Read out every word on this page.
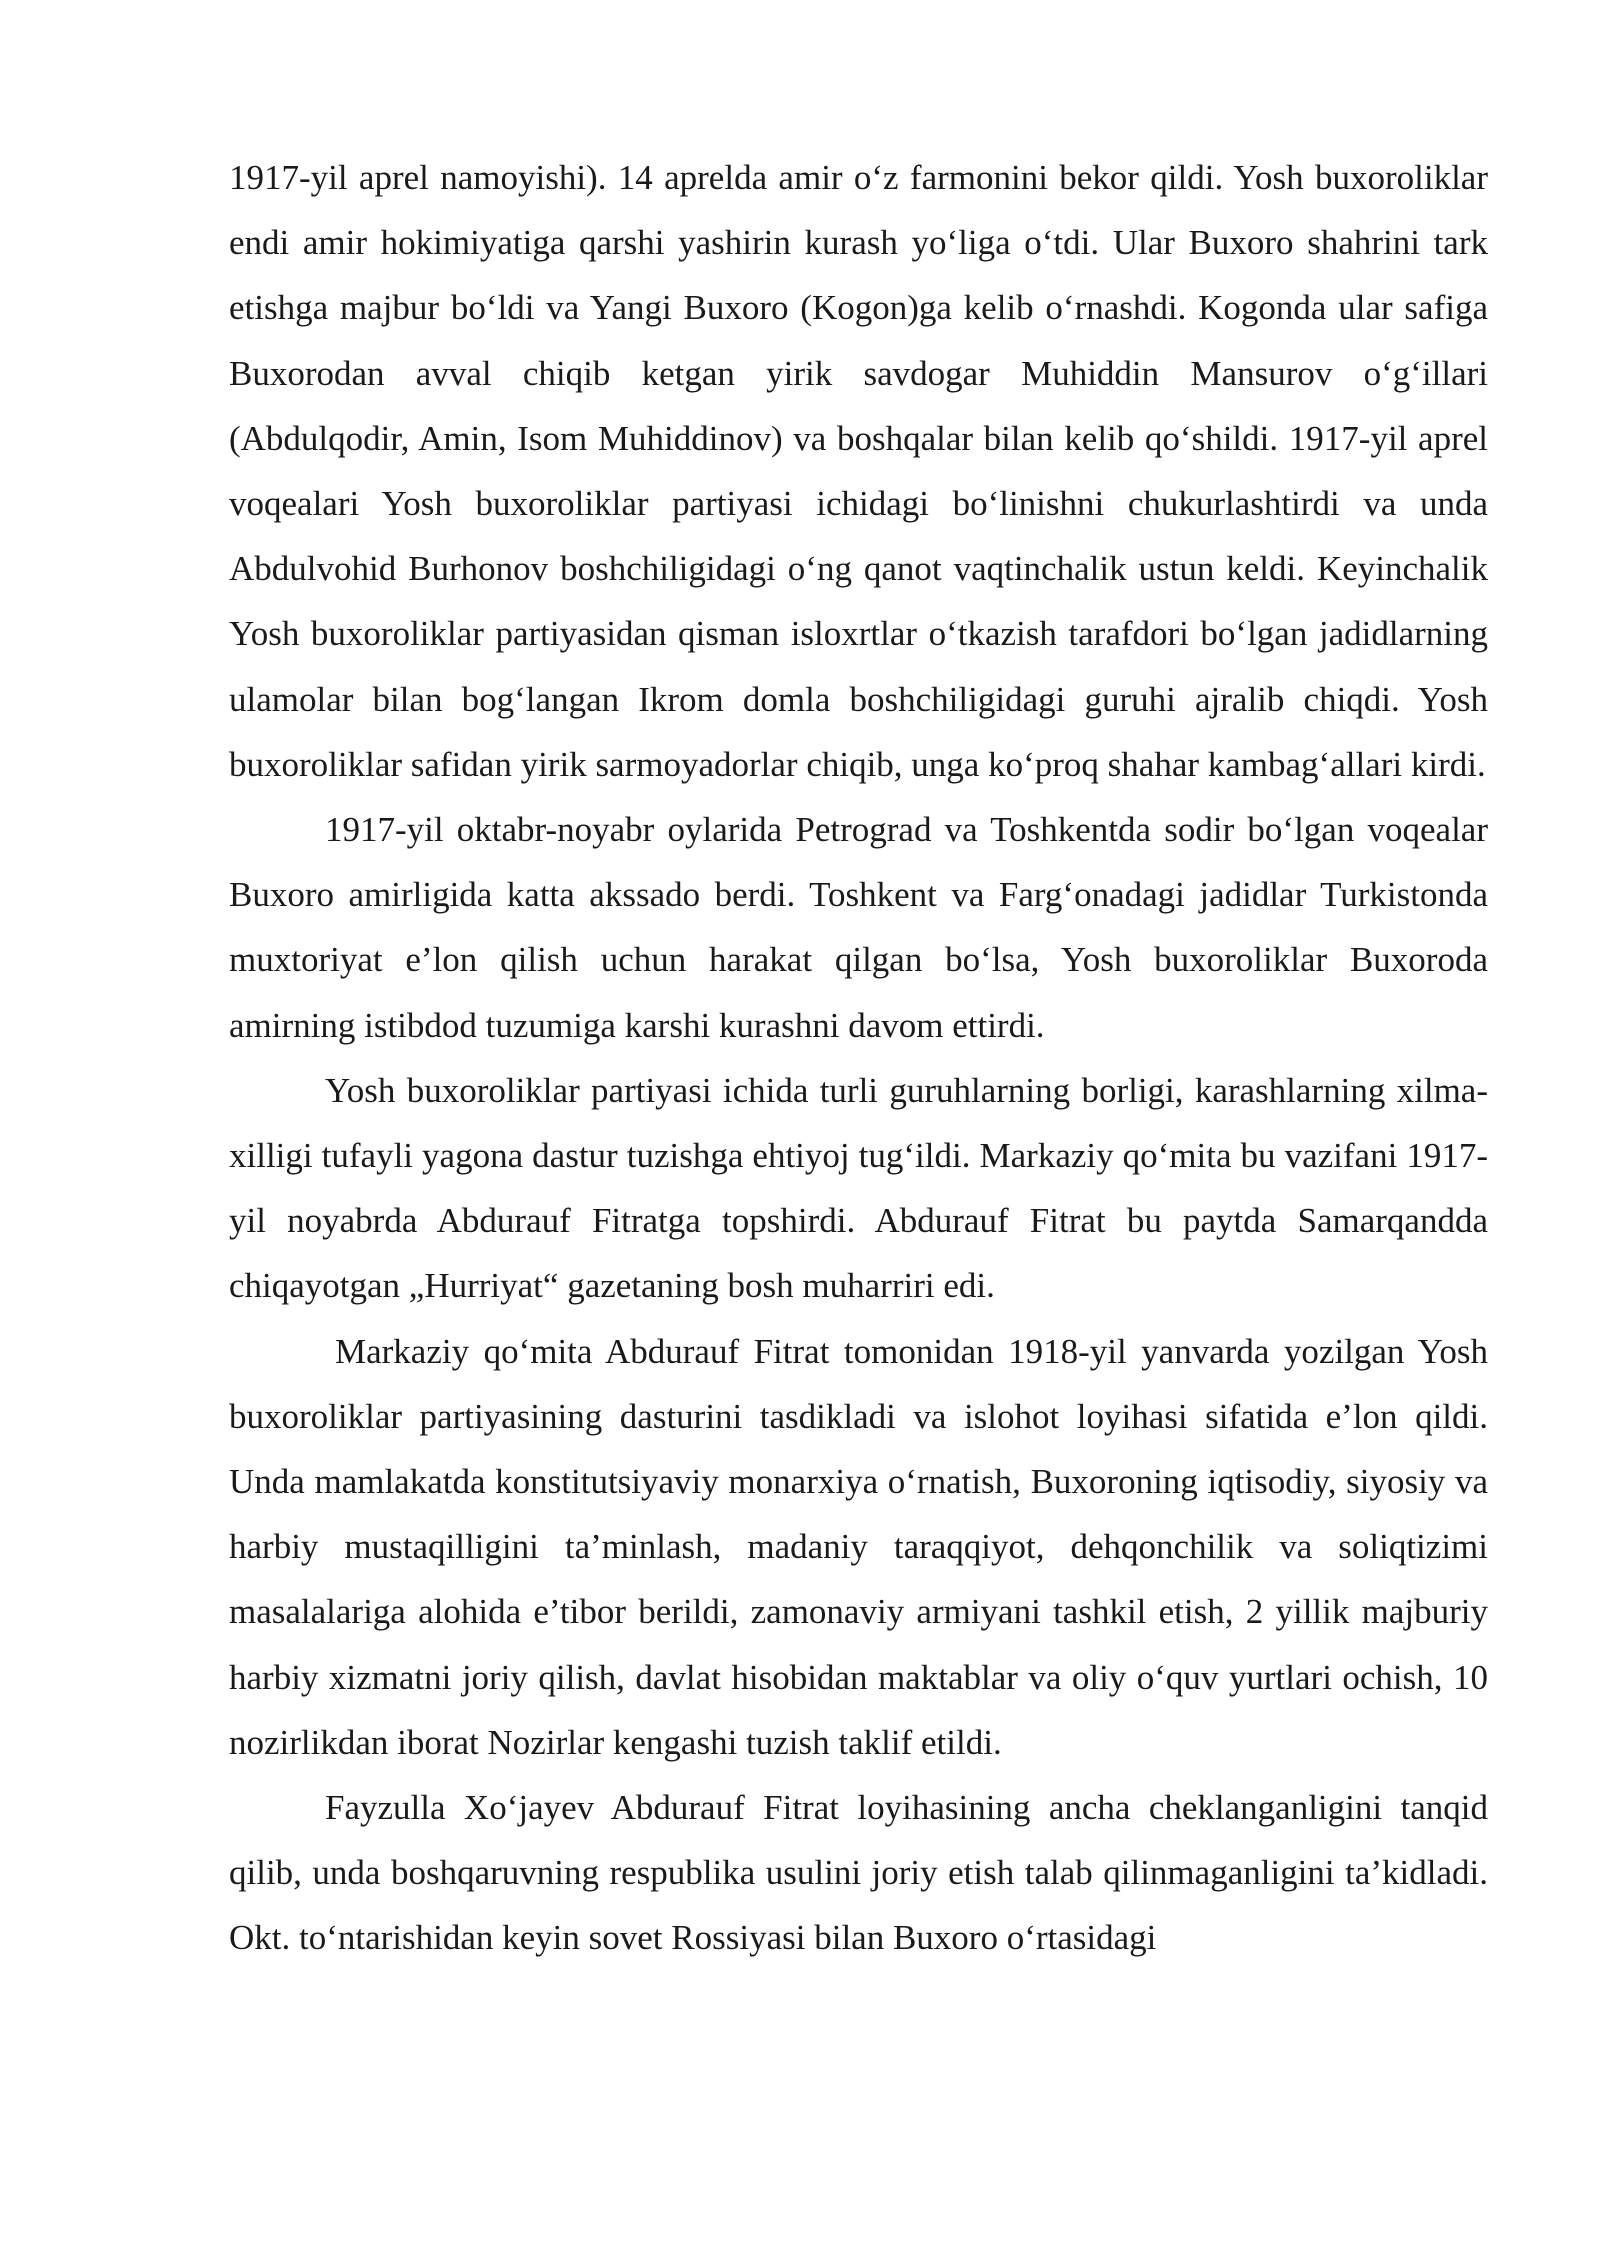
1917-yil aprel namoyishi). 14 aprelda amir o‘z farmonini bekor qildi. Yosh buxoroliklar endi amir hokimiyatiga qarshi yashirin kurash yo‘liga o‘tdi. Ular Buxoro shahrini tark etishga majbur bo‘ldi va Yangi Buxoro (Kogon)ga kelib o‘rnashdi. Kogonda ular safiga Buxorodan avval chiqib ketgan yirik savdogar Muhiddin Mansurov o‘g‘illari (Abdulqodir, Amin, Isom Muhiddinov) va boshqalar bilan kelib qo‘shildi. 1917-yil aprel voqealari Yosh buxoroliklar partiyasi ichidagi bo‘linishni chukurlashtirdi va unda Abdulvohid Burhonov boshchiligidagi o‘ng qanot vaqtinchalik ustun keldi. Keyinchalik Yosh buxoroliklar partiyasidan qisman isloxrtlar o‘tkazish tarafdori bo‘lgan jadidlarning ulamolar bilan bog‘langan Ikrom domla boshchiligidagi guruhi ajralib chiqdi. Yosh buxoroliklar safidan yirik sarmoyadorlar chiqib, unga ko‘proq shahar kambag‘allari kirdi.

1917-yil oktabr-noyabr oylarida Petrograd va Toshkentda sodir bo‘lgan voqealar Buxoro amirligida katta akssado berdi. Toshkent va Farg‘onadagi jadidlar Turkistonda muxtoriyat e’lon qilish uchun harakat qilgan bo‘lsa, Yosh buxoroliklar Buxoroda amirning istibdod tuzumiga karshi kurashni davom ettirdi.

Yosh buxoroliklar partiyasi ichida turli guruhlarning borligi, karashlarning xilma-xilligi tufayli yagona dastur tuzishga ehtiyoj tug‘ildi. Markaziy qo‘mita bu vazifani 1917-yil noyabrda Abdurauf Fitratga topshirdi. Abdurauf Fitrat bu paytda Samarqandda chiqayotgan „Hurriyat“ gazetaning bosh muharriri edi.

Markaziy qo‘mita Abdurauf Fitrat tomonidan 1918-yil yanvarda yozilgan Yosh buxoroliklar partiyasining dasturini tasdikladi va islohot loyihasi sifatida e’lon qildi. Unda mamlakatda konstitutsiyaviy monarxiya o‘rnatish, Buxoroning iqtisodiy, siyosiy va harbiy mustaqilligini ta’minlash, madaniy taraqqiyot, dehqonchilik va soliqtizimi masalalariga alohida e’tibor berildi, zamonaviy armiyani tashkil etish, 2 yillik majburiy harbiy xizmatni joriy qilish, davlat hisobidan maktablar va oliy o‘quv yurtlari ochish, 10 nozirlikdan iborat Nozirlar kengashi tuzish taklif etildi.

Fayzulla Xo‘jayev Abdurauf Fitrat loyihasining ancha cheklanganligini tanqid qilib, unda boshqaruvning respublika usulini joriy etish talab qilinmaganligini ta’kidladi. Okt. to‘ntarishidan keyin sovet Rossiyasi bilan Buxoro o‘rtasidagi
